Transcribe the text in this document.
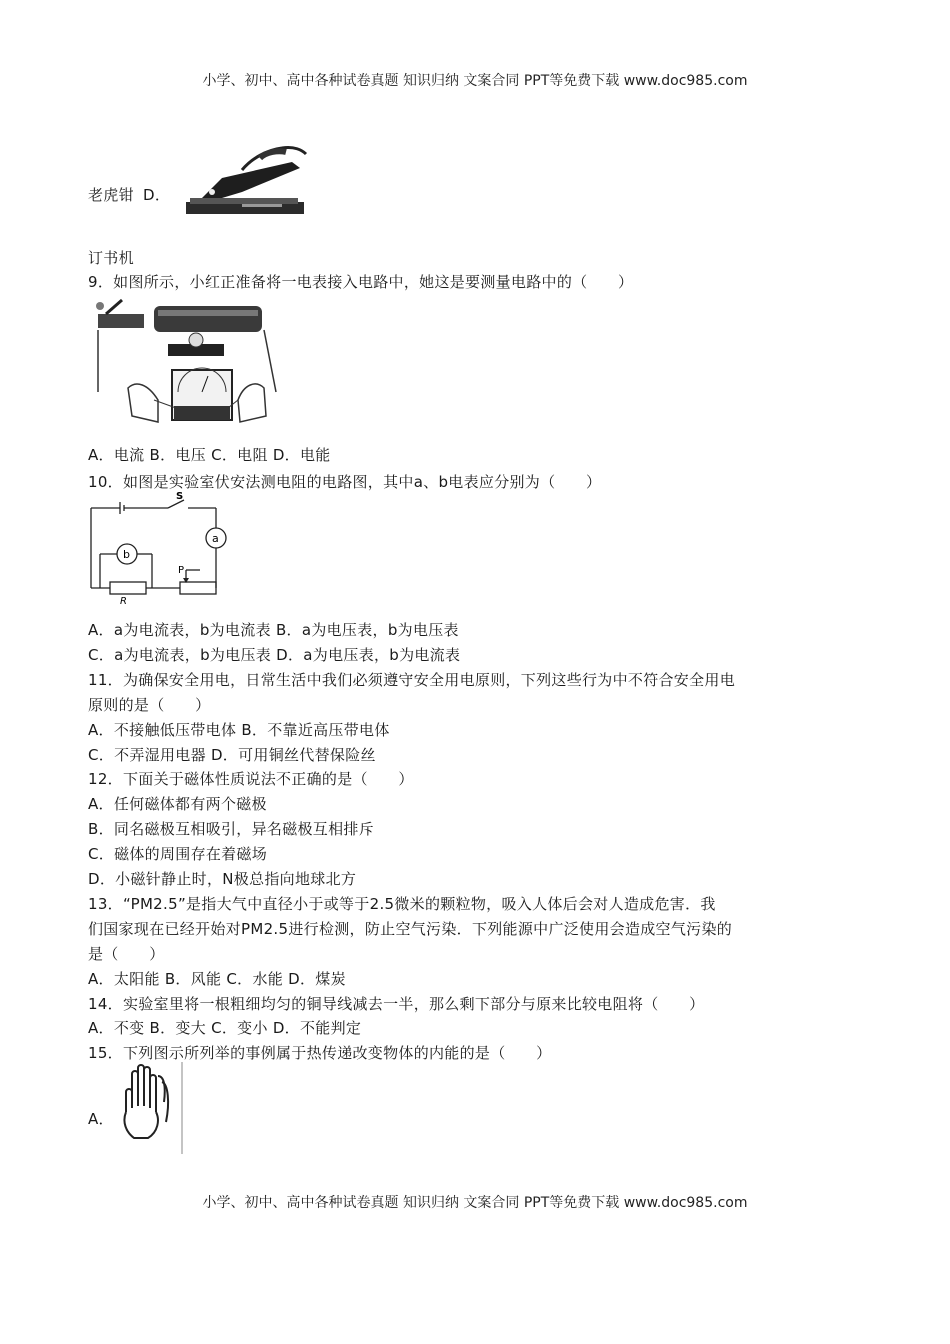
小学、初中、高中各种试卷真题 知识归纳 文案合同 PPT等免费下载 www.doc985.com
老虎钳 D．
订书机
9．如图所示，小红正准备将一电表接入电路中，她这是要测量电路中的（　　）
A．电流 B．电压 C．电阻 D．电能
10．如图是实验室伏安法测电阻的电路图，其中a、b电表应分别为（　　）
S
a
b
P
R
A．a为电流表，b为电流表 B．a为电压表，b为电压表
C．a为电流表，b为电压表 D．a为电压表，b为电流表
11．为确保安全用电，日常生活中我们必须遵守安全用电原则，下列这些行为中不符合安全用电
原则的是（　　）
A．不接触低压带电体 B．不靠近高压带电体
C．不弄湿用电器 D．可用铜丝代替保险丝
12．下面关于磁体性质说法不正确的是（　　）
A．任何磁体都有两个磁极
B．同名磁极互相吸引，异名磁极互相排斥
C．磁体的周围存在着磁场
D．小磁针静止时，N极总指向地球北方
13．“PM2.5”是指大气中直径小于或等于2.5微米的颗粒物，吸入人体后会对人造成危害．我
们国家现在已经开始对PM2.5进行检测，防止空气污染．下列能源中广泛使用会造成空气污染的
是（　　）
A．太阳能 B．风能 C．水能 D．煤炭
14．实验室里将一根粗细均匀的铜导线减去一半，那么剩下部分与原来比较电阻将（　　）
A．不变 B．变大 C．变小 D．不能判定
15．下列图示所列举的事例属于热传递改变物体的内能的是（　　）
A．
小学、初中、高中各种试卷真题 知识归纳 文案合同 PPT等免费下载 www.doc985.com
